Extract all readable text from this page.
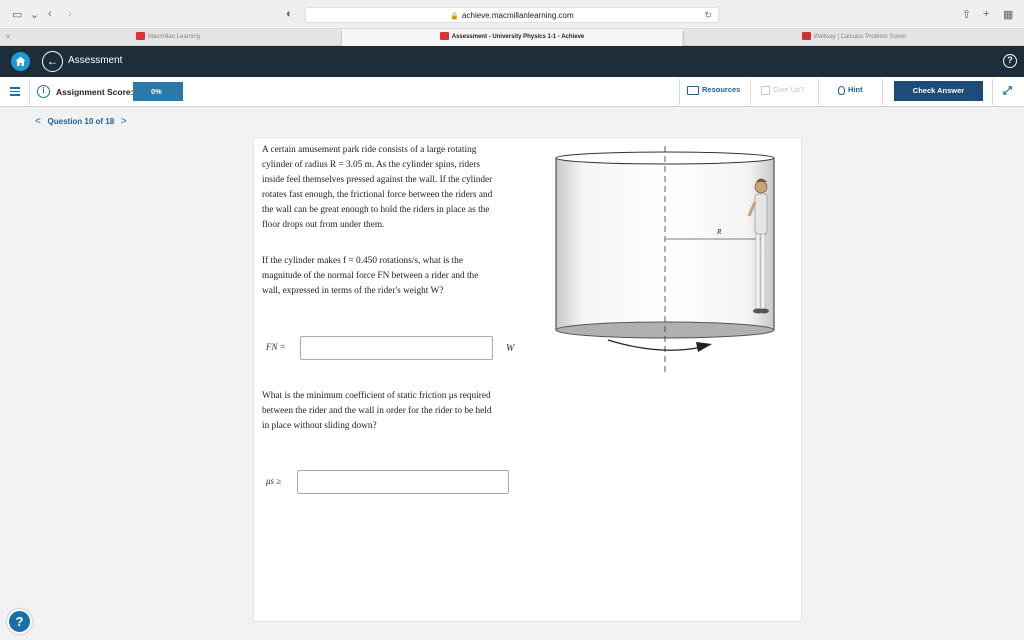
▭ ⌄ ‹ ›	◐	🔒 achieve.macmillanlearning.com	↻	⇧ + ▦
✕	Macmillan Learning	Assessment - University Physics 1-1 - Achieve	Wallway | Calculus Problem Solver
← Assessment	?
i	Assignment Score:	0%	Resources	Give Up?	Hint	Check Answer	⤢
< Question 10 of 18 >
A certain amusement park ride consists of a large rotating
cylinder of radius R = 3.05 m. As the cylinder spins, riders
inside feel themselves pressed against the wall. If the cylinder
rotates fast enough, the frictional force between the riders and
the wall can be great enough to hold the riders in place as the
floor drops out from under them.
If the cylinder makes f = 0.450 rotations/s, what is the
magnitude of the normal force FN between a rider and the
wall, expressed in terms of the rider's weight W?
FN =	W
What is the minimum coefficient of static friction μs required
between the rider and the wall in order for the rider to be held
in place without sliding down?
μs ≥
R
?
